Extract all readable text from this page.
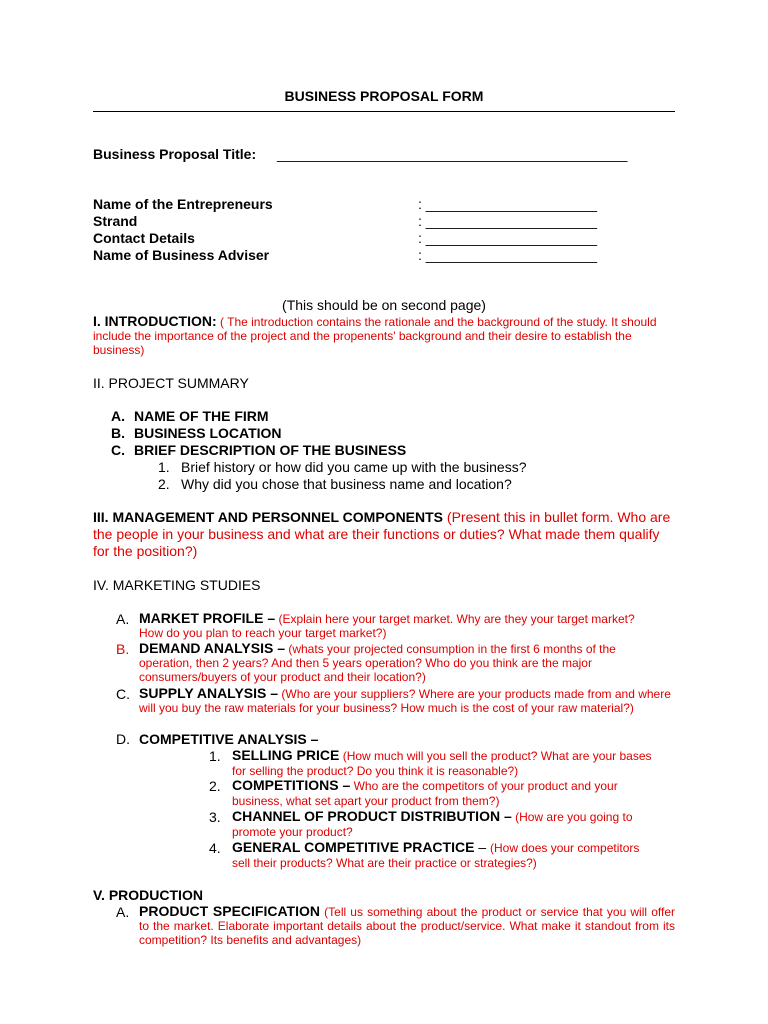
BUSINESS PROPOSAL FORM
Business Proposal Title: _____________________________________________
Name of the Entrepreneurs	: ______________________
Strand	: ______________________
Contact Details	: ______________________
Name of Business Adviser	: ______________________
(This should be on second page)
I. INTRODUCTION: ( The introduction contains the rationale and the background of the study. It should include the importance of the project and the propenents' background and their desire to establish the business)
II. PROJECT SUMMARY
A. NAME OF THE FIRM
B. BUSINESS LOCATION
C. BRIEF DESCRIPTION OF THE BUSINESS
1. Brief history or how did you came up with the business?
2. Why did you chose that business name and location?
III. MANAGEMENT AND PERSONNEL COMPONENTS (Present this in bullet form. Who are the people in your business and what are their functions or duties? What made them qualify for the position?)
IV. MARKETING STUDIES
A. MARKET PROFILE – (Explain here your target market. Why are they your target market? How do you plan to reach your target market?)
B. DEMAND ANALYSIS – (whats your projected consumption in the first 6 months of the operation, then 2 years? And then 5 years operation? Who do you think are the major consumers/buyers of your product and their location?)
C. SUPPLY ANALYSIS – (Who are your suppliers? Where are your products made from and where will you buy the raw materials for your business? How much is the cost of your raw material?)
D. COMPETITIVE ANALYSIS –
1. SELLING PRICE (How much will you sell the product? What are your bases for selling the product? Do you think it is reasonable?)
2. COMPETITIONS – Who are the competitors of your product and your business, what set apart your product from them?)
3. CHANNEL OF PRODUCT DISTRIBUTION – (How are you going to promote your product?
4. GENERAL COMPETITIVE PRACTICE – (How does your competitors sell their products? What are their practice or strategies?)
V. PRODUCTION
A. PRODUCT SPECIFICATION (Tell us something about the product or service that you will offer to the market. Elaborate important details about the product/service. What make it standout from its competition? Its benefits and advantages)
